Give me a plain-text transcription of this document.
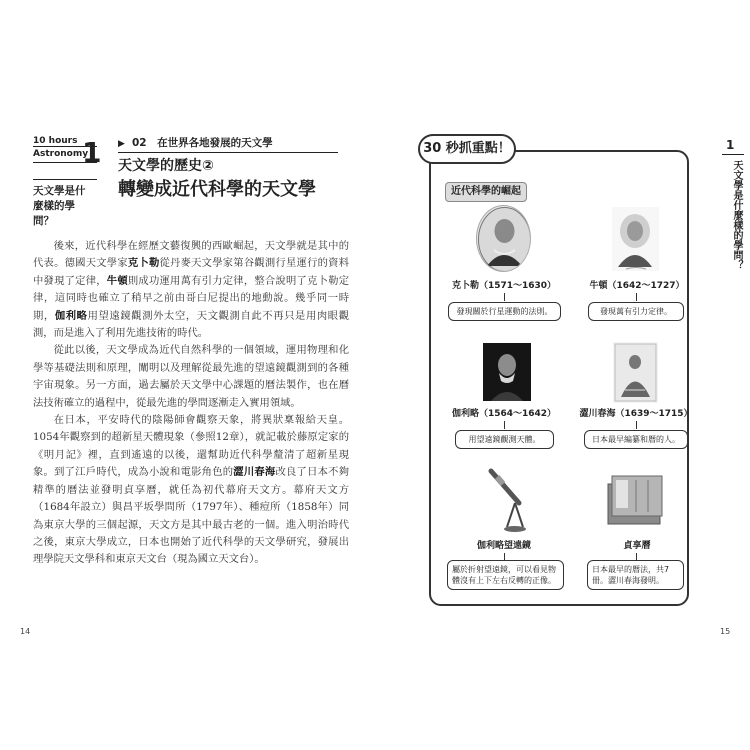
10 hours
Astronomy
1
天文學是什麼樣的學問？
▶ 02　在世界各地發展的天文學
天文學的歷史②
轉變成近代科學的天文學

後來，近代科學在經歷文藝復興的西歐崛起，天文學就是其中的代表。德國天文學家克卜勒從丹麥天文學家第谷觀測行星運行的資料中發現了定律，牛頓則成功運用萬有引力定律，整合說明了克卜勒定律，這同時也確立了稍早之前由哥白尼提出的地動說。幾乎同一時期，伽利略用望遠鏡觀測外太空，天文觀測自此不再只是用肉眼觀測，而是進入了利用先進技術的時代。

從此以後，天文學成為近代自然科學的一個領域，運用物理和化學等基礎法則和原理，闡明以及理解從最先進的望遠鏡觀測到的各種宇宙現象。另一方面，過去屬於天文學中心課題的曆法製作，也在曆法技術確立的過程中，從最先進的學問逐漸走入實用領域。

在日本，平安時代的陰陽師會觀察天象，將異狀稟報給天皇。1054年觀察到的超新星天體現象（參照12章），就記載於藤原定家的《明月記》裡，直到遙遠的以後，還幫助近代科學釐清了超新星現象。到了江戶時代，成為小說和電影角色的澀川春海改良了日本不夠精準的曆法並發明貞享曆，就任為初代幕府天文方。幕府天文方（1684年設立）與昌平坂學問所（1797年）、種痘所（1858年）同為東京大學的三個起源，天文方是其中最古老的一個。進入明治時代之後，東京大學成立，日本也開始了近代科學的天文學研究，發展出理學院天文學科和東京天文台（現為國立天文台）。

14
30 秒抓重點！
近代科學的崛起
克卜勒（1571～1630）
發現關於行星運動的法則。
牛頓（1642～1727）
發現萬有引力定律。
伽利略（1564～1642）
用望遠鏡觀測天體。
澀川春海（1639～1715）
日本最早編纂和曆的人。
伽利略望遠鏡
屬於折射望遠鏡，可以看見物體沒有上下左右反轉的正像。
貞享曆
日本最早的曆法，共7冊。澀川春海發明。
1
天文學是什麼樣的學問？
15
